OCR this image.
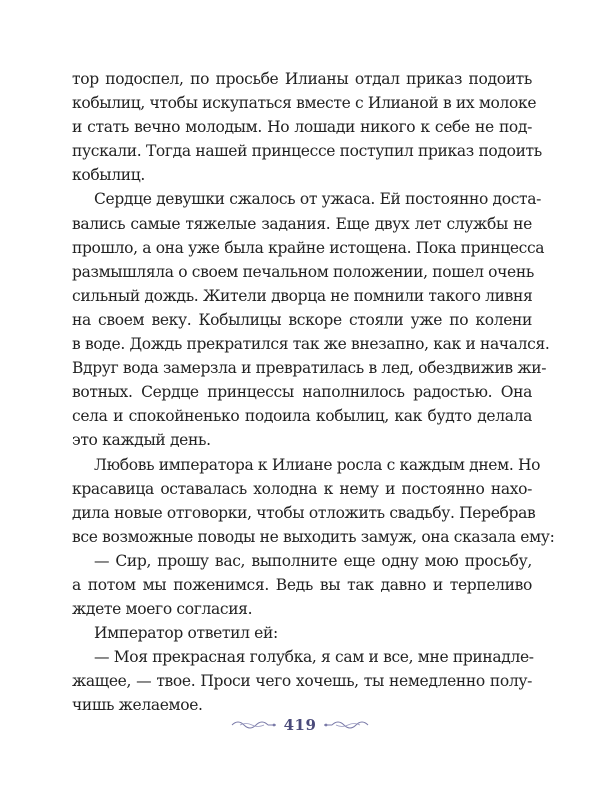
тор подоспел, по просьбе Илианы отдал приказ подоить
кобылиц, чтобы искупаться вместе с Илианой в их молоке
и стать вечно молодым. Но лошади никого к себе не под-
пускали. Тогда нашей принцессе поступил приказ подоить
кобылиц.
Сердце девушки сжалось от ужаса. Ей постоянно доста-
вались самые тяжелые задания. Еще двух лет службы не
прошло, а она уже была крайне истощена. Пока принцесса
размышляла о своем печальном положении, пошел очень
сильный дождь. Жители дворца не помнили такого ливня
на своем веку. Кобылицы вскоре стояли уже по колени
в воде. Дождь прекратился так же внезапно, как и начался.
Вдруг вода замерзла и превратилась в лед, обездвижив жи-
вотных. Сердце принцессы наполнилось радостью. Она
села и спокойненько подоила кобылиц, как будто делала
это каждый день.
Любовь императора к Илиане росла с каждым днем. Но
красавица оставалась холодна к нему и постоянно нахо-
дила новые отговорки, чтобы отложить свадьбу. Перебрав
все возможные поводы не выходить замуж, она сказала ему:
— Сир, прошу вас, выполните еще одну мою просьбу,
а потом мы поженимся. Ведь вы так давно и терпеливо
ждете моего согласия.
Император ответил ей:
— Моя прекрасная голубка, я сам и все, мне принадле-
жащее, — твое. Проси чего хочешь, ты немедленно полу-
чишь желаемое.
419
